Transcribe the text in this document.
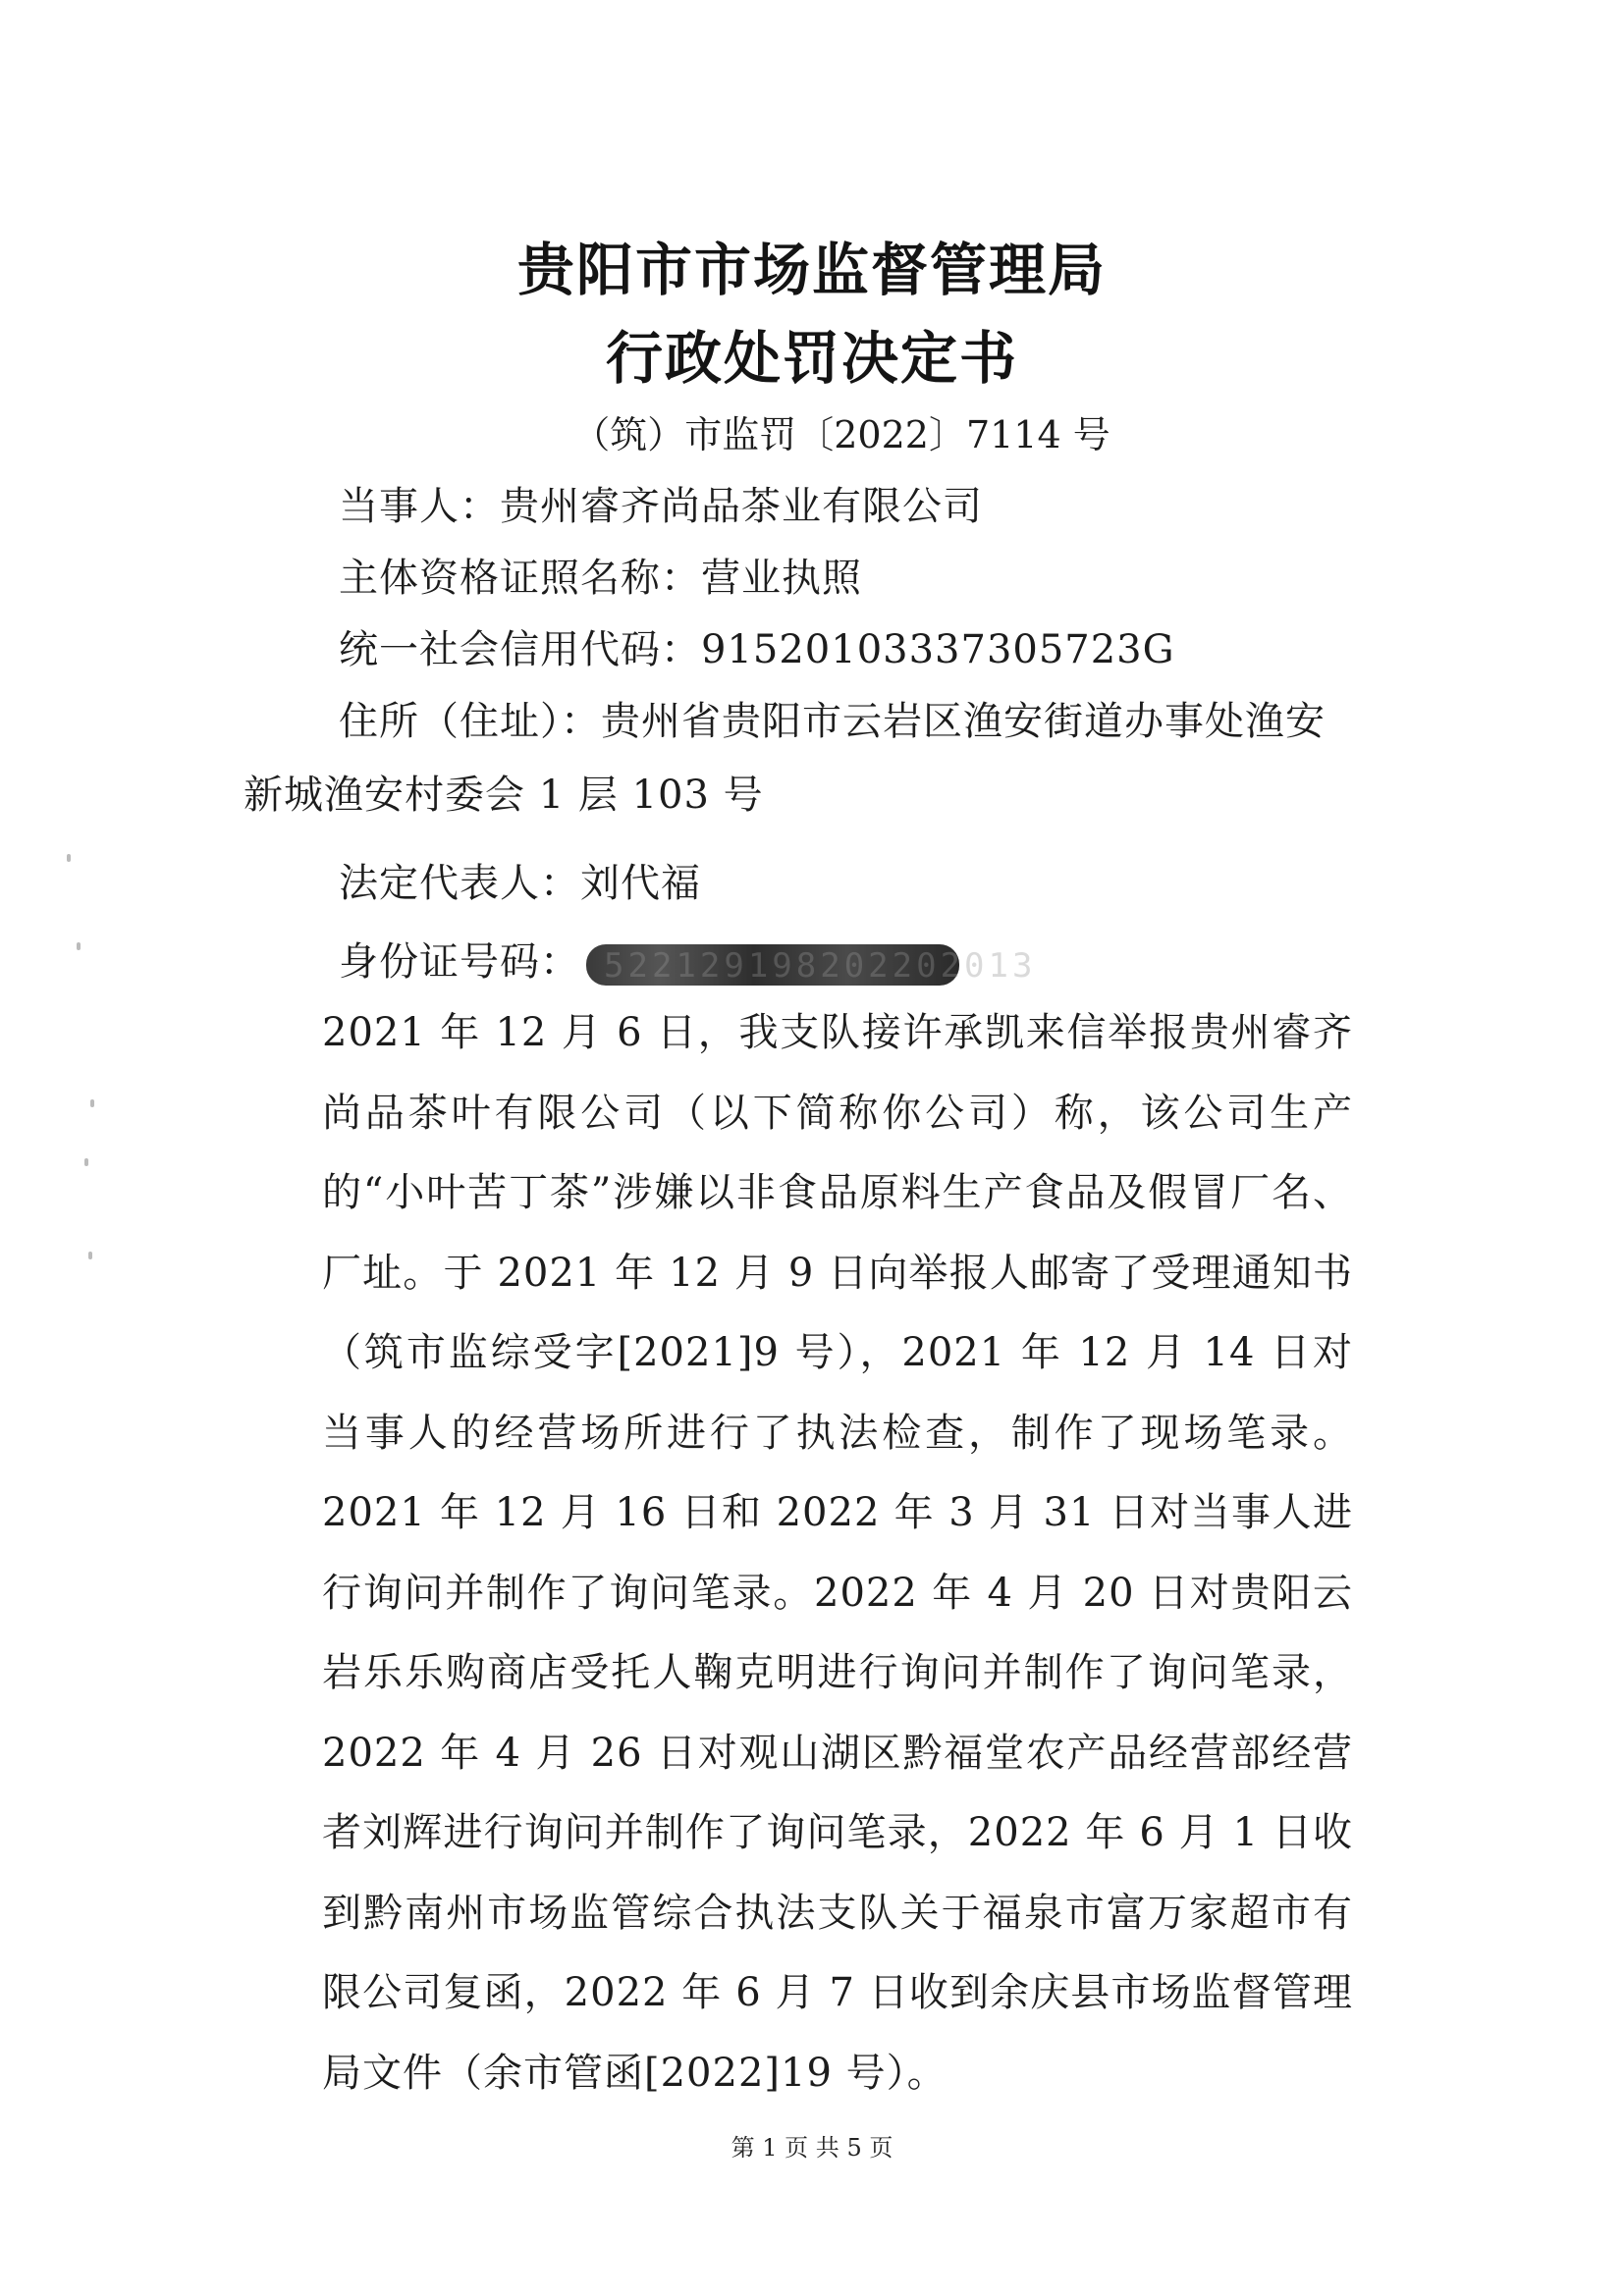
贵阳市市场监督管理局
行政处罚决定书
（筑）市监罚〔2022〕7114 号
当事人：贵州睿齐尚品茶业有限公司
主体资格证照名称：营业执照
统一社会信用代码：91520103337305723G
住所（住址）：贵州省贵阳市云岩区渔安街道办事处渔安
新城渔安村委会 1 层 103 号
法定代表人：刘代福
身份证号码： 522129198202202013
2021 年 12 月 6 日，我支队接许承凯来信举报贵州睿齐尚品茶叶有限公司（以下简称你公司）称，该公司生产的“小叶苦丁茶”涉嫌以非食品原料生产食品及假冒厂名、厂址。于 2021 年 12 月 9 日向举报人邮寄了受理通知书（筑市监综受字[2021]9 号），2021 年 12 月 14 日对当事人的经营场所进行了执法检查，制作了现场笔录。2021 年 12 月 16 日和 2022 年 3 月 31 日对当事人进行询问并制作了询问笔录。2022 年 4 月 20 日对贵阳云岩乐乐购商店受托人鞠克明进行询问并制作了询问笔录，2022 年 4 月 26 日对观山湖区黔福堂农产品经营部经营者刘辉进行询问并制作了询问笔录，2022 年 6 月 1 日收到黔南州市场监管综合执法支队关于福泉市富万家超市有限公司复函，2022 年 6 月 7 日收到余庆县市场监督管理局文件（余市管函[2022]19 号）。
第 1 页 共 5 页
